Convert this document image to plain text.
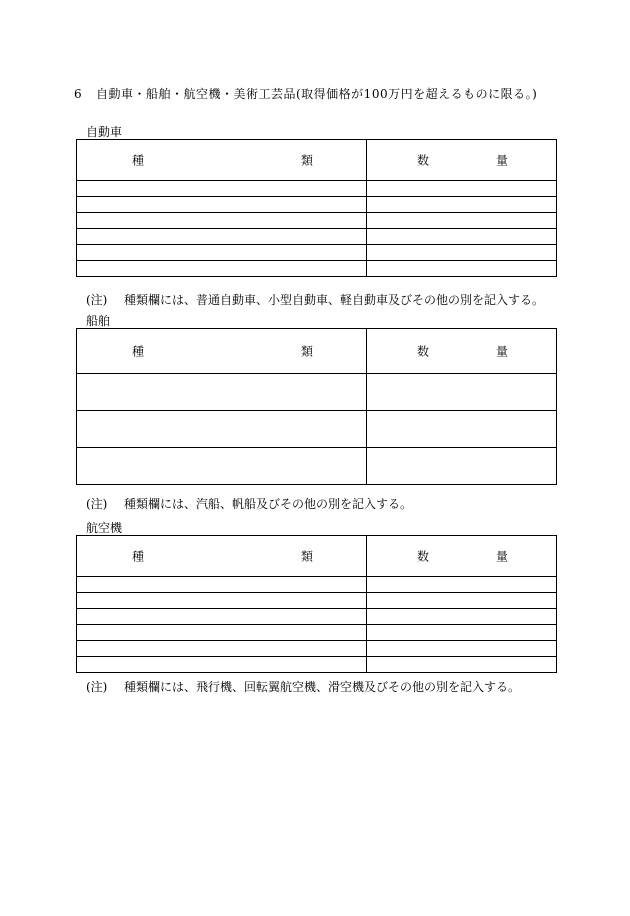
6 自動車・船舶・航空機・美術工芸品(取得価格が100万円を超えるものに限る。)
自動車
種 類	数 量

(注) 種類欄には、普通自動車、小型自動車、軽自動車及びその他の別を記入する。
船舶
種 類	数 量

(注) 種類欄には、汽船、帆船及びその他の別を記入する。
航空機
種 類	数 量

(注) 種類欄には、飛行機、回転翼航空機、滑空機及びその他の別を記入する。
